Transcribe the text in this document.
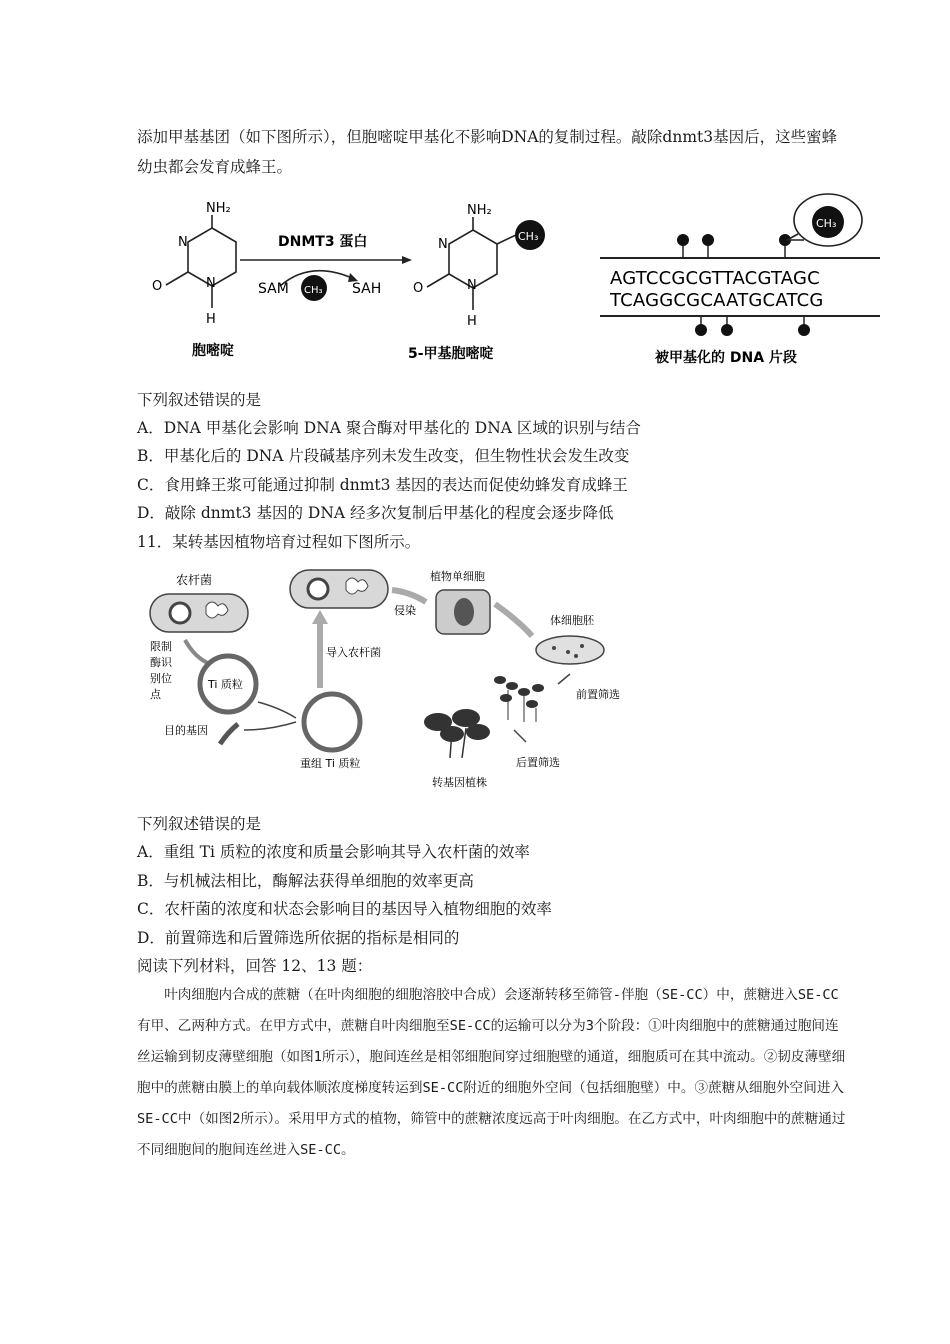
添加甲基基团（如下图所示），但胞嘧啶甲基化不影响DNA的复制过程。敲除dnmt3基因后，这些蜜蜂幼虫都会发育成蜂王。
NH₂
N
O	N
H
胞嘧啶
DNMT3 蛋白
SAM CH₃ SAH
NH₂
N
O	N
H
CH₃
5-甲基胞嘧啶
CH₃
AGTCCGCGTTACGTAGC
TCAGGCGCAATGCATCG
被甲基化的 DNA 片段
下列叙述错误的是
A．DNA 甲基化会影响 DNA 聚合酶对甲基化的 DNA 区域的识别与结合
B．甲基化后的 DNA 片段碱基序列未发生改变，但生物性状会发生改变
C．食用蜂王浆可能通过抑制 dnmt3 基因的表达而促使幼蜂发育成蜂王
D．敲除 dnmt3 基因的 DNA 经多次复制后甲基化的程度会逐步降低
11．某转基因植物培育过程如下图所示。
农杆菌
限制
酶识
别位
点
Ti 质粒
目的基因
重组 Ti 质粒
导入农杆菌
侵染
植物单细胞
体细胞胚
前置筛选
后置筛选
转基因植株
下列叙述错误的是
A．重组 Ti 质粒的浓度和质量会影响其导入农杆菌的效率
B．与机械法相比，酶解法获得单细胞的效率更高
C．农杆菌的浓度和状态会影响目的基因导入植物细胞的效率
D．前置筛选和后置筛选所依据的指标是相同的
阅读下列材料，回答 12、13 题：
叶肉细胞内合成的蔗糖（在叶肉细胞的细胞溶胶中合成）会逐渐转移至筛管-伴胞（SE-CC）中，蔗糖进入SE-CC有甲、乙两种方式。在甲方式中，蔗糖自叶肉细胞至SE-CC的运输可以分为3个阶段：①叶肉细胞中的蔗糖通过胞间连丝运输到韧皮薄壁细胞（如图1所示），胞间连丝是相邻细胞间穿过细胞壁的通道，细胞质可在其中流动。②韧皮薄壁细胞中的蔗糖由膜上的单向载体顺浓度梯度转运到SE-CC附近的细胞外空间（包括细胞壁）中。③蔗糖从细胞外空间进入SE-CC中（如图2所示）。采用甲方式的植物，筛管中的蔗糖浓度远高于叶肉细胞。在乙方式中，叶肉细胞中的蔗糖通过不同细胞间的胞间连丝进入SE-CC。
